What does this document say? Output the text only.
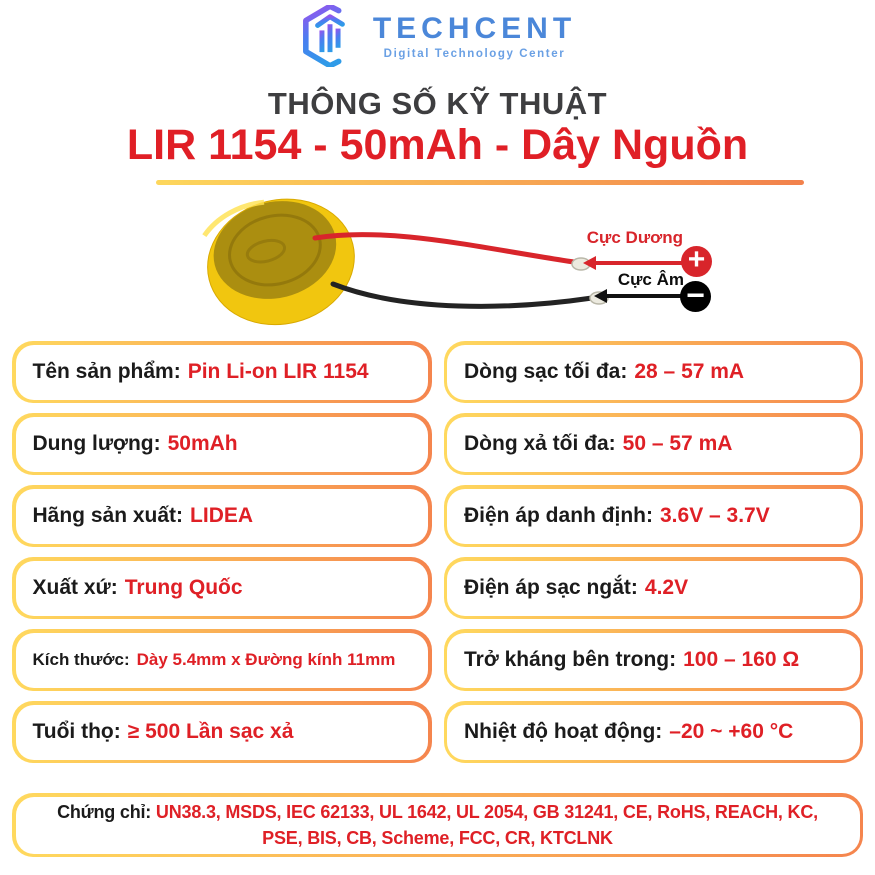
TECHCENT
Digital Technology Center
THÔNG SỐ KỸ THUẬT
LIR 1154 - 50mAh - Dây Nguồn
Cực Dương
+
Cực Âm −
Tên sản phẩm: Pin Li-on LIR 1154	Dòng sạc tối đa: 28 – 57 mA
Dung lượng: 50mAh	Dòng xả tối đa: 50 – 57 mA
Hãng sản xuất: LIDEA	Điện áp danh định: 3.6V – 3.7V
Xuất xứ: Trung Quốc	Điện áp sạc ngắt: 4.2V
Kích thước: Dày 5.4mm x Đường kính 11mm	Trở kháng bên trong: 100 – 160 Ω
Tuổi thọ: ≥ 500 Lần sạc xả	Nhiệt độ hoạt động: –20 ~ +60 °C

Chứng chỉ: UN38.3, MSDS, IEC 62133, UL 1642, UL 2054, GB 31241, CE, RoHS, REACH, KC, PSE, BIS, CB, Scheme, FCC, CR, KTCLNK
